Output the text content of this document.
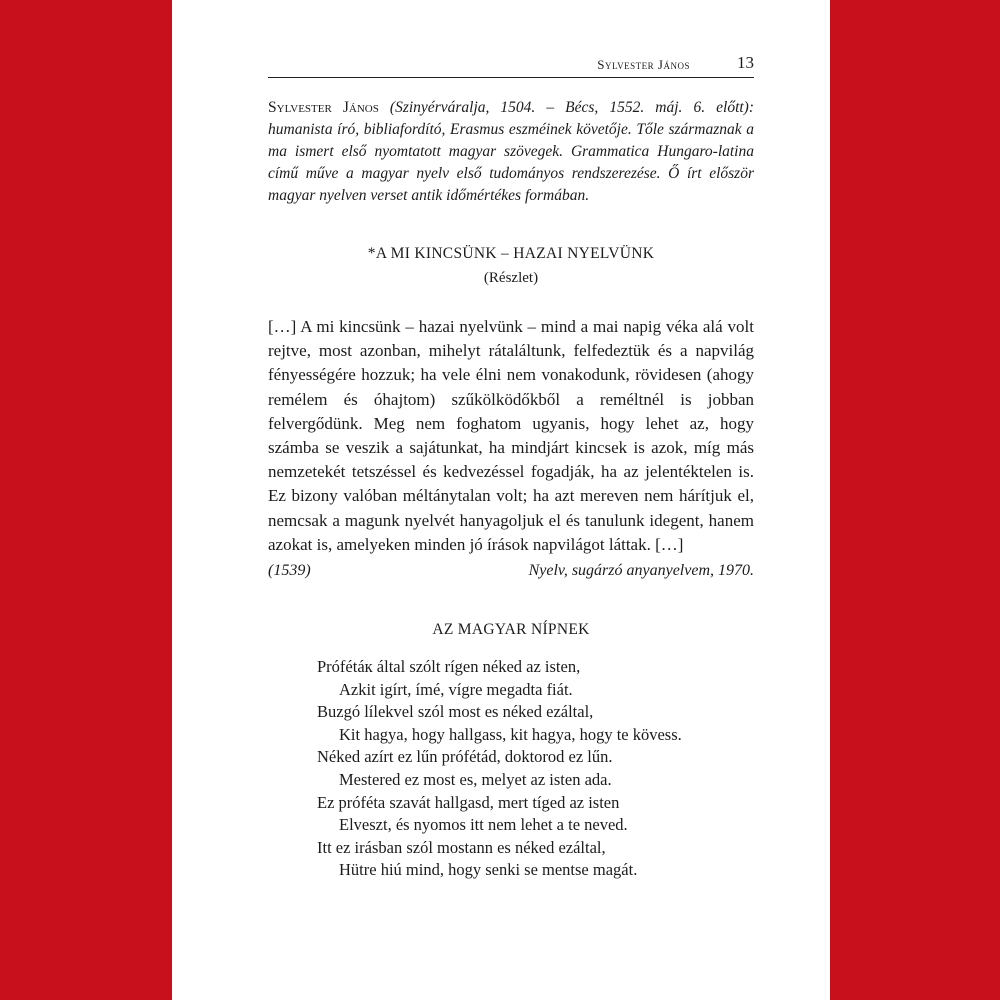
Sylvester János	13
Sylvester János (Szinyérváralja, 1504. – Bécs, 1552. máj. 6. előtt): humanista író, bibliafordító, Erasmus eszméinek követője. Tőle származnak a ma ismert első nyomtatott magyar szövegek. Grammatica Hungaro-latina című műve a magyar nyelv első tudományos rendszerezése. Ő írt először magyar nyelven verset antik időmértékes formában.
*A MI KINCSÜNK – HAZAI NYELVÜNK
(Részlet)
[…] A mi kincsünk – hazai nyelvünk – mind a mai napig véka alá volt rejtve, most azonban, mihelyt rátaláltunk, felfedeztük és a napvilág fényességére hozzuk; ha vele élni nem vonakodunk, rövidesen (ahogy remélem és óhajtom) szűkölködőkből a reméltnél is jobban felvergődünk. Meg nem foghatom ugyanis, hogy lehet az, hogy számba se veszik a sajátunkat, ha mindjárt kincsek is azok, míg más nemzetekét tetszéssel és kedvezéssel fogadják, ha az jelentéktelen is. Ez bizony valóban méltánytalan volt; ha azt mereven nem hárítjuk el, nemcsak a magunk nyelvét hanyagoljuk el és tanulunk idegent, hanem azokat is, amelyeken minden jó írások napvilágot láttak. […]
(1539)	Nyelv, sugárzó anyanyelvem, 1970.
AZ MAGYAR NÍPNEK
Prófétáк által szólt rígen néked az isten,
Azkit igírt, ímé, vígre megadta fiát.
Buzgó lílekvel szól most es néked ezáltal,
Kit hagya, hogy hallgass, kit hagya, hogy te kövess.
Néked azírt ez lűn prófétád, doktorod ez lűn.
Mestered ez most es, melyet az isten ada.
Ez próféta szavát hallgasd, mert tíged az isten
Elveszt, és nyomos itt nem lehet a te neved.
Itt ez irásban szól mostann es néked ezáltal,
Hütre hiú mind, hogy senki se mentse magát.
